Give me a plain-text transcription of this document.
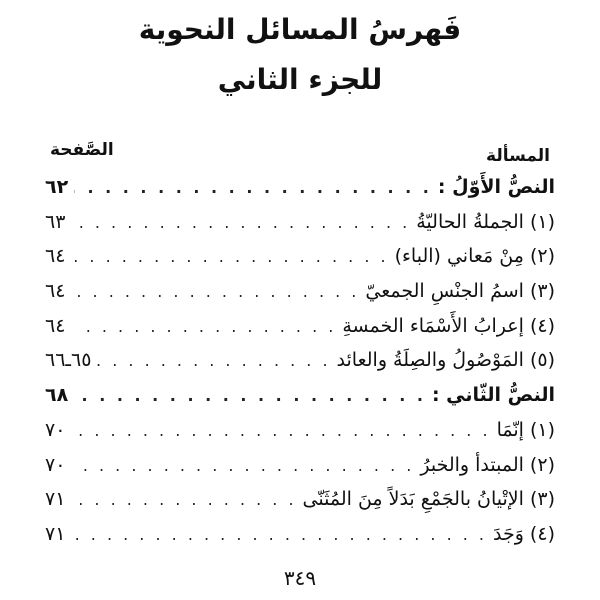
فَهرسُ المسائل النحوية
للجزء الثاني
المسألة
الصَّفحة
النصُّ الأَوّلُ :
. . .
٦٢
(١) الجملةُ الحاليّةُ
. . .
٦٣
(٢) مِنْ مَعاني (الباء)
. . .
٦٤
(٣) اسمُ الجنْسِ الجمعيّ
. . .
٦٤
(٤) إعرابُ الأَسْمَاء الخمسةِ
. . .
٦٤
(٥) المَوْصُولُ والصِلَةُ والعائد
. . .
٦٥ـ٦٦
النصُّ الثّاني :
. . .
٦٨
(١) إنّمَا
. . .
٧٠
(٢) المبتدأ والخبرُ
. . .
٧٠
(٣) الإتْيانُ بالجَمْعِ بَدَلاً مِنَ المُثَنّى
. . .
٧١
(٤) وَجَدَ
. . .
٧١
٣٤٩
